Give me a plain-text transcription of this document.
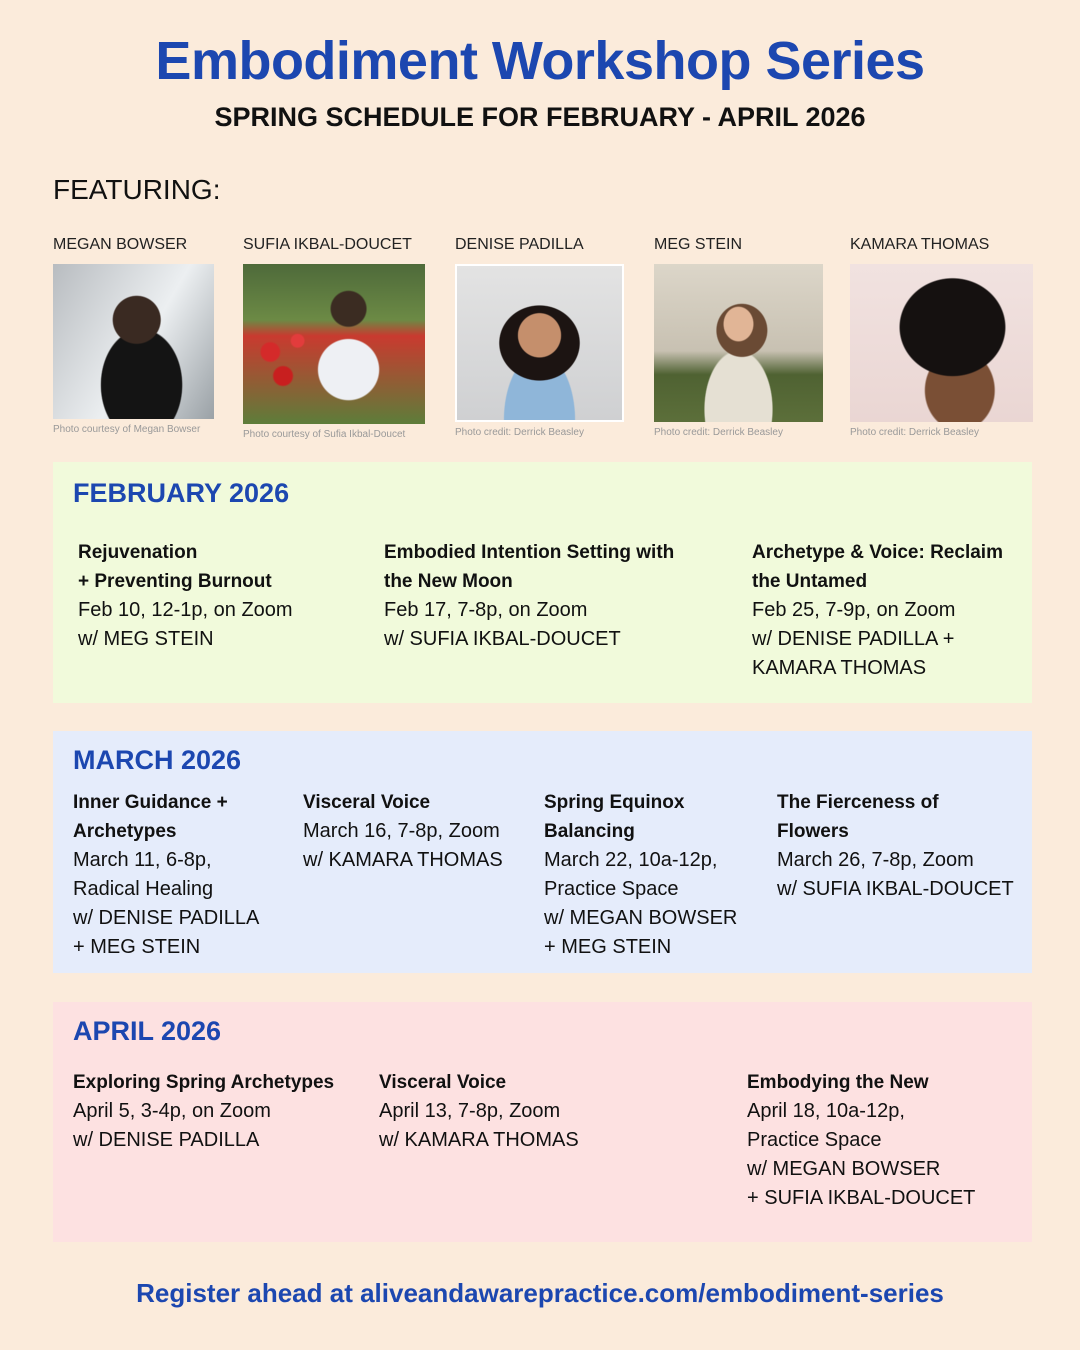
Embodiment Workshop Series
SPRING SCHEDULE FOR FEBRUARY - APRIL 2026
FEATURING:
MEGAN BOWSER
Photo courtesy of Megan Bowser
SUFIA IKBAL-DOUCET
Photo courtesy of Sufia Ikbal-Doucet
DENISE PADILLA
Photo credit: Derrick Beasley
MEG STEIN
Photo credit: Derrick Beasley
KAMARA THOMAS
Photo credit: Derrick Beasley
FEBRUARY 2026
Rejuvenation
+ Preventing Burnout
Feb 10, 12-1p, on Zoom
w/ MEG STEIN
Embodied Intention Setting with
the New Moon
Feb 17, 7-8p, on Zoom
w/ SUFIA IKBAL-DOUCET
Archetype & Voice: Reclaim
the Untamed
Feb 25, 7-9p, on Zoom
w/ DENISE PADILLA +
KAMARA THOMAS
MARCH 2026
Inner Guidance +
Archetypes
March 11, 6-8p,
Radical Healing
w/ DENISE PADILLA
+ MEG STEIN
Visceral Voice
March 16, 7-8p, Zoom
w/ KAMARA THOMAS
Spring Equinox
Balancing
March 22, 10a-12p,
Practice Space
w/ MEGAN BOWSER
+ MEG STEIN
The Fierceness of
Flowers
March 26, 7-8p, Zoom
w/ SUFIA IKBAL-DOUCET
APRIL 2026
Exploring Spring Archetypes
April 5, 3-4p, on Zoom
w/ DENISE PADILLA
Visceral Voice
April 13, 7-8p, Zoom
w/ KAMARA THOMAS
Embodying the New
April 18, 10a-12p,
Practice Space
w/ MEGAN BOWSER
+ SUFIA IKBAL-DOUCET
Register ahead at aliveandawarepractice.com/embodiment-series
